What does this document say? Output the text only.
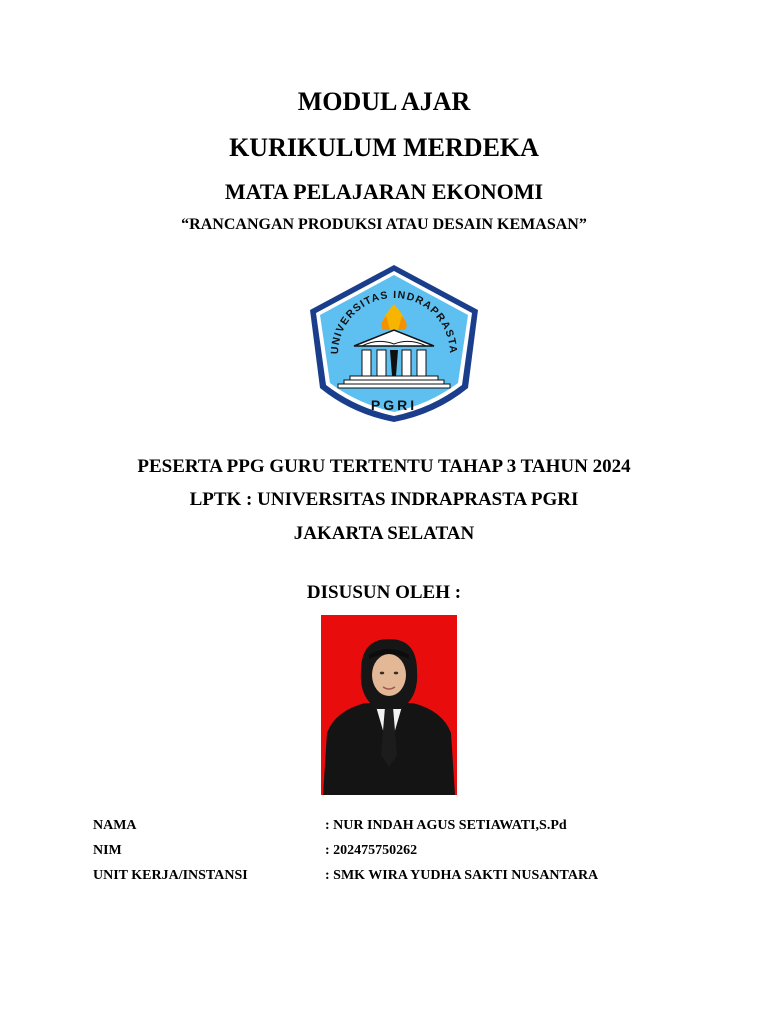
MODUL AJAR
KURIKULUM MERDEKA
MATA PELAJARAN EKONOMI
“RANCANGAN PRODUKSI ATAU DESAIN KEMASAN”
UNIVERSITAS INDRAPRASTA
PGRI
PESERTA PPG GURU TERTENTU TAHAP 3 TAHUN 2024
LPTK : UNIVERSITAS INDRAPRASTA PGRI
JAKARTA SELATAN
DISUSUN OLEH :
NAMA	: NUR INDAH AGUS SETIAWATI,S.Pd
NIM	: 202475750262
UNIT KERJA/INSTANSI	: SMK WIRA YUDHA SAKTI NUSANTARA
